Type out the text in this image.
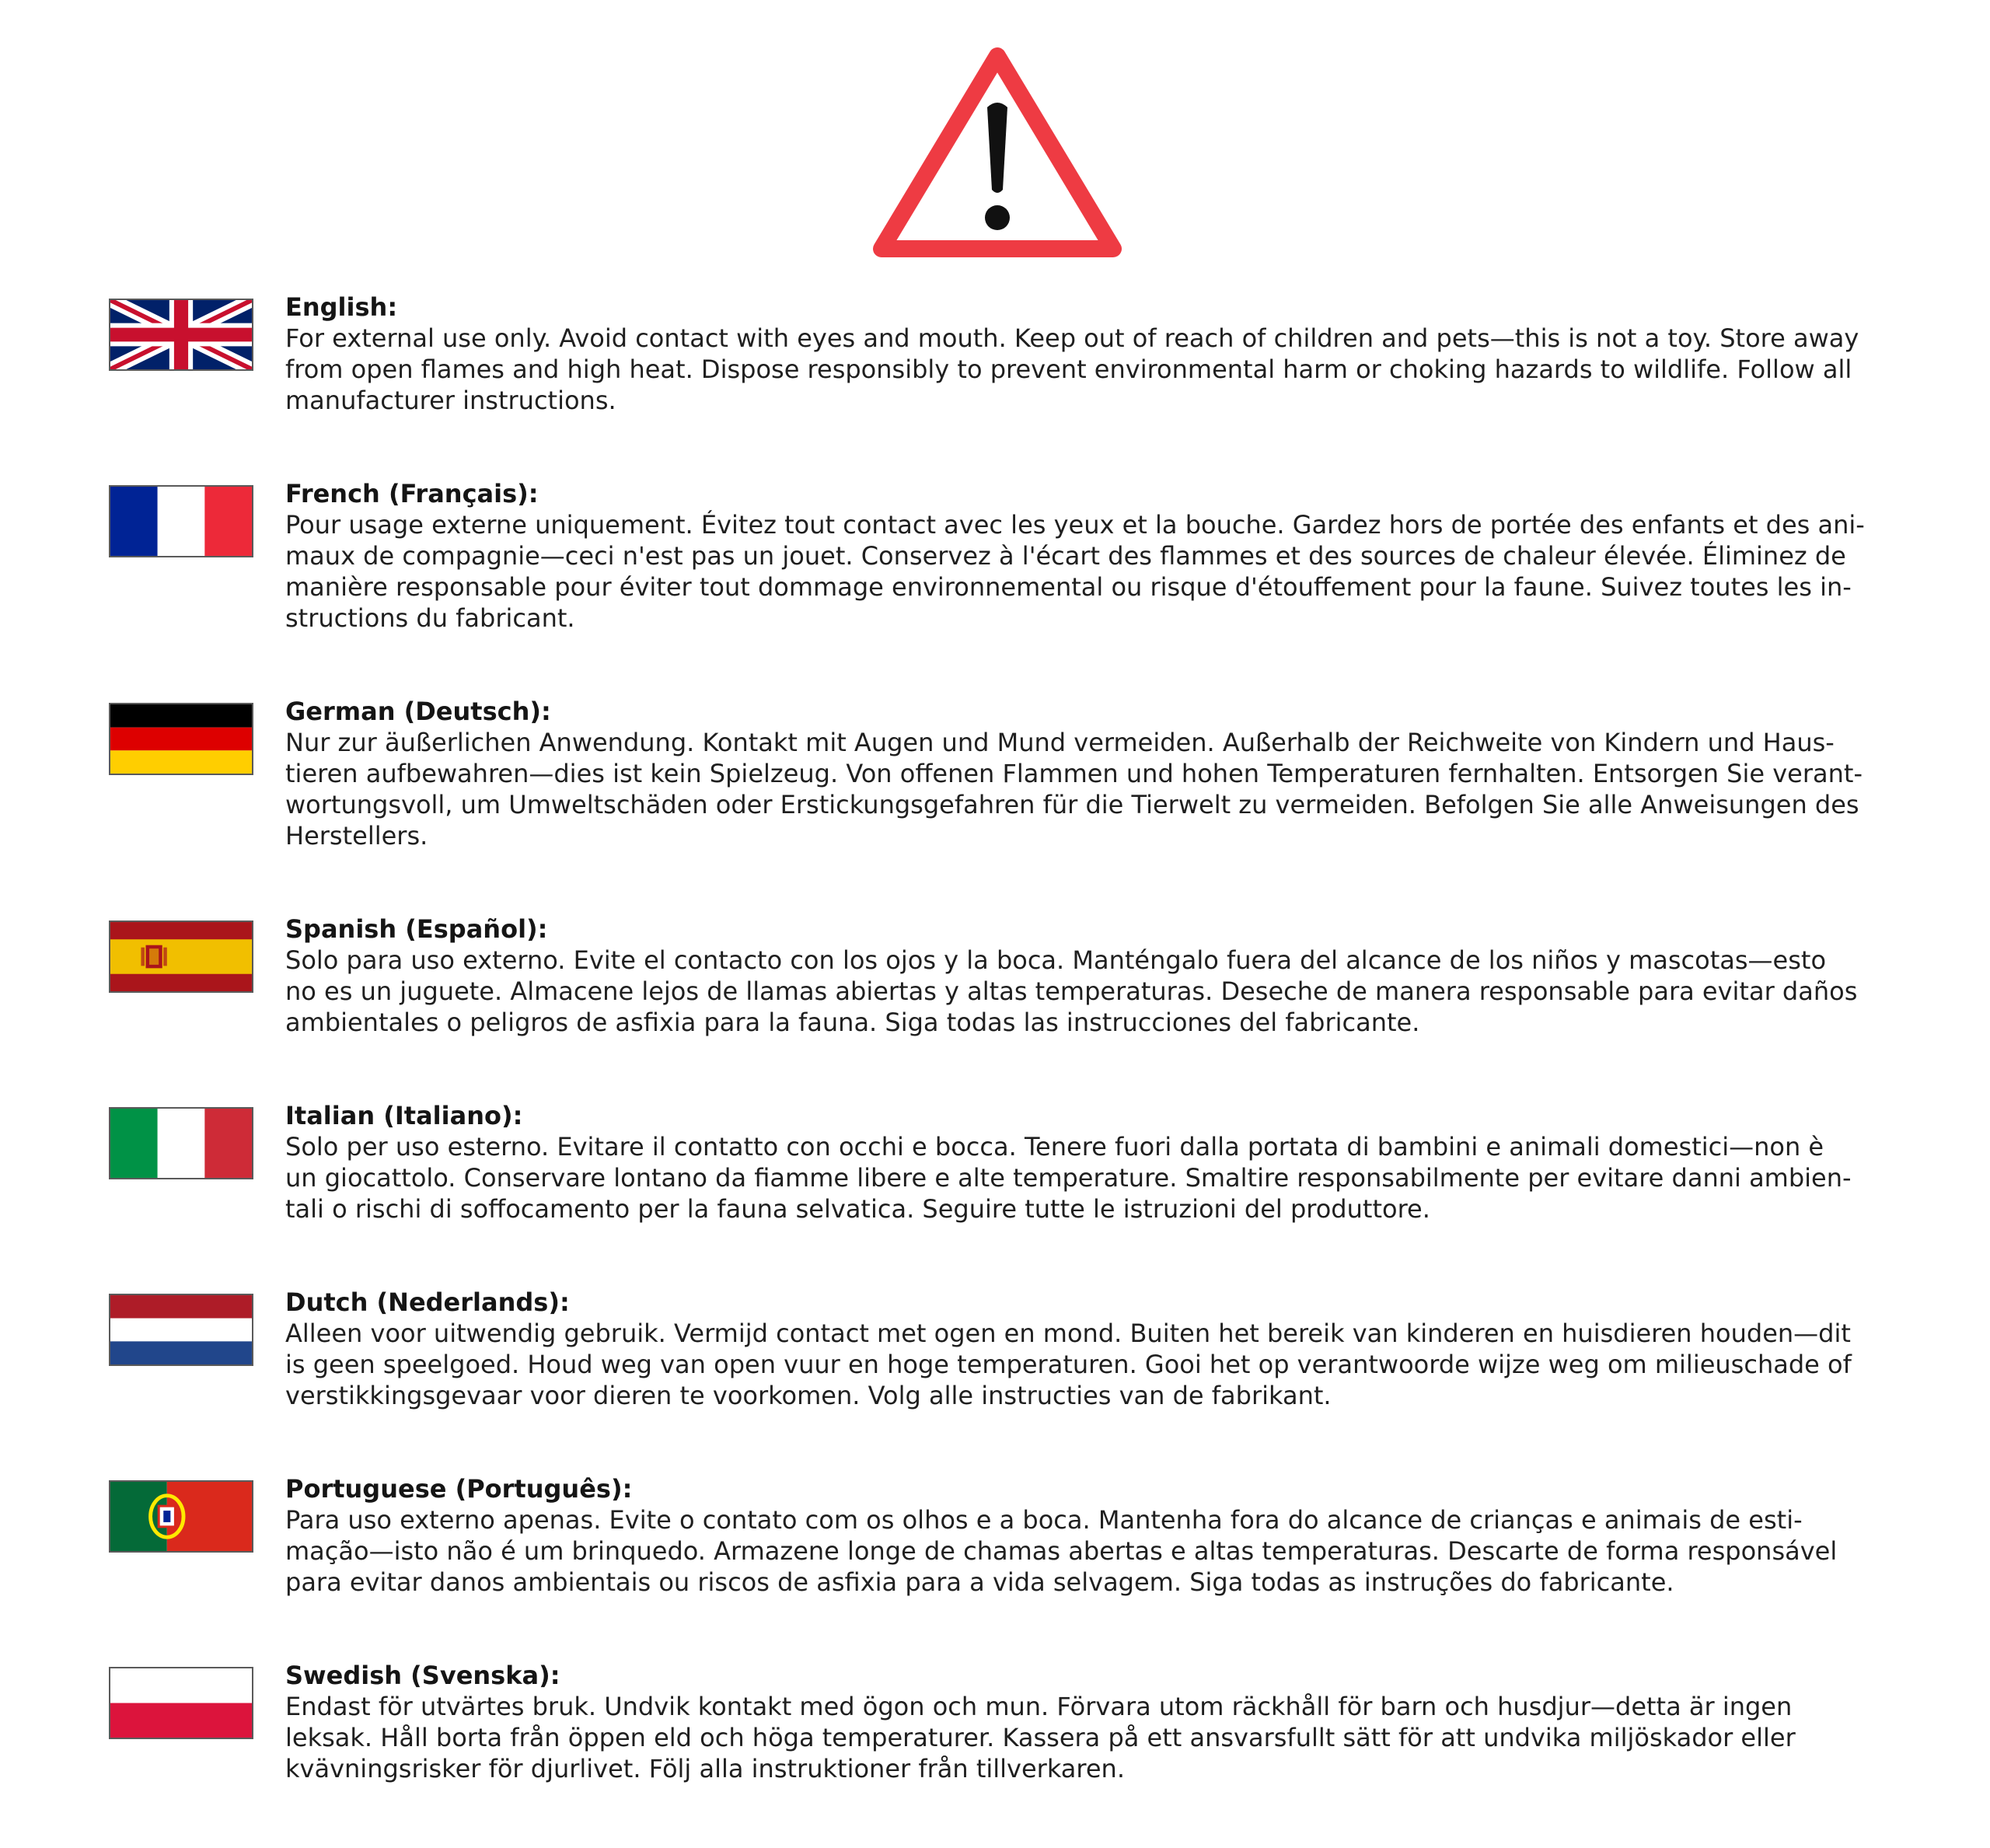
English:
For external use only. Avoid contact with eyes and mouth. Keep out of reach of children and pets—this is not a toy. Store away
from open flames and high heat. Dispose responsibly to prevent environmental harm or choking hazards to wildlife. Follow all
manufacturer instructions.
French (Français):
Pour usage externe uniquement. Évitez tout contact avec les yeux et la bouche. Gardez hors de portée des enfants et des ani-
maux de compagnie—ceci n'est pas un jouet. Conservez à l'écart des flammes et des sources de chaleur élevée. Éliminez de
manière responsable pour éviter tout dommage environnemental ou risque d'étouffement pour la faune. Suivez toutes les in-
structions du fabricant.
German (Deutsch):
Nur zur äußerlichen Anwendung. Kontakt mit Augen und Mund vermeiden. Außerhalb der Reichweite von Kindern und Haus-
tieren aufbewahren—dies ist kein Spielzeug. Von offenen Flammen und hohen Temperaturen fernhalten. Entsorgen Sie verant-
wortungsvoll, um Umweltschäden oder Erstickungsgefahren für die Tierwelt zu vermeiden. Befolgen Sie alle Anweisungen des
Herstellers.
Spanish (Español):
Solo para uso externo. Evite el contacto con los ojos y la boca. Manténgalo fuera del alcance de los niños y mascotas—esto
no es un juguete. Almacene lejos de llamas abiertas y altas temperaturas. Deseche de manera responsable para evitar daños
ambientales o peligros de asfixia para la fauna. Siga todas las instrucciones del fabricante.
Italian (Italiano):
Solo per uso esterno. Evitare il contatto con occhi e bocca. Tenere fuori dalla portata di bambini e animali domestici—non è
un giocattolo. Conservare lontano da fiamme libere e alte temperature. Smaltire responsabilmente per evitare danni ambien-
tali o rischi di soffocamento per la fauna selvatica. Seguire tutte le istruzioni del produttore.
Dutch (Nederlands):
Alleen voor uitwendig gebruik. Vermijd contact met ogen en mond. Buiten het bereik van kinderen en huisdieren houden—dit
is geen speelgoed. Houd weg van open vuur en hoge temperaturen. Gooi het op verantwoorde wijze weg om milieuschade of
verstikkingsgevaar voor dieren te voorkomen. Volg alle instructies van de fabrikant.
Portuguese (Português):
Para uso externo apenas. Evite o contato com os olhos e a boca. Mantenha fora do alcance de crianças e animais de esti-
mação—isto não é um brinquedo. Armazene longe de chamas abertas e altas temperaturas. Descarte de forma responsável
para evitar danos ambientais ou riscos de asfixia para a vida selvagem. Siga todas as instruções do fabricante.
Swedish (Svenska):
Endast för utvärtes bruk. Undvik kontakt med ögon och mun. Förvara utom räckhåll för barn och husdjur—detta är ingen
leksak. Håll borta från öppen eld och höga temperaturer. Kassera på ett ansvarsfullt sätt för att undvika miljöskador eller
kvävningsrisker för djurlivet. Följ alla instruktioner från tillverkaren.
